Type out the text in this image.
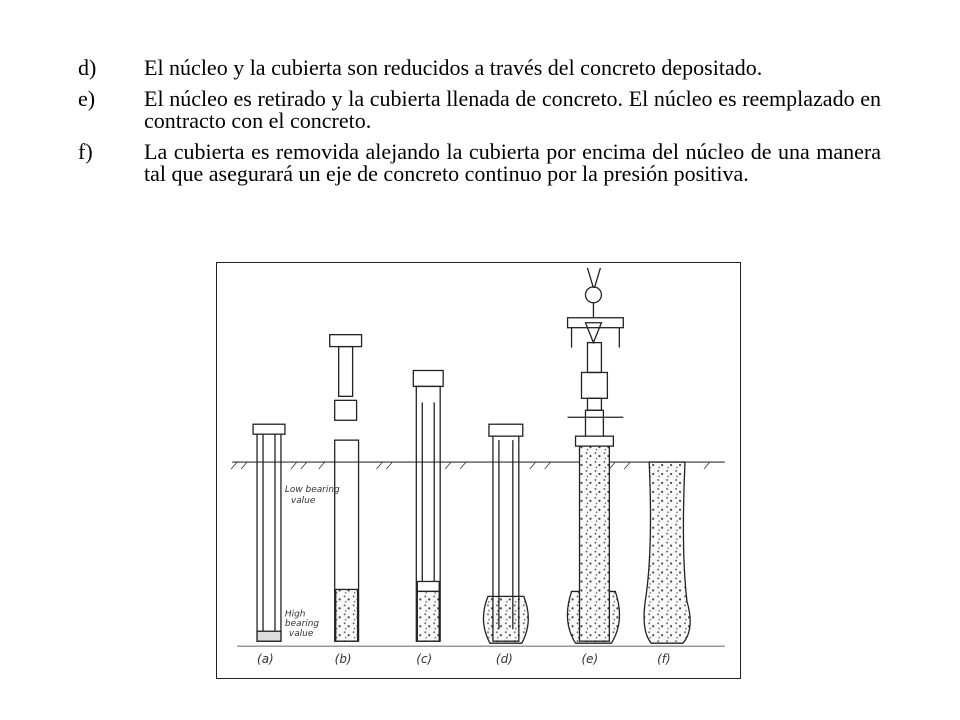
d)	El núcleo y la cubierta son reducidos a través del concreto depositado.
e)	El núcleo es retirado y la cubierta llenada de concreto. El núcleo es reemplazado en contracto con el concreto.
f)	La cubierta es removida alejando la cubierta por encima del núcleo de una manera tal que asegurará un eje de concreto continuo por la presión positiva.
Low bearing
value
High
bearing
value
(a)	(b)	(c)	(d)	(e)	(f)
